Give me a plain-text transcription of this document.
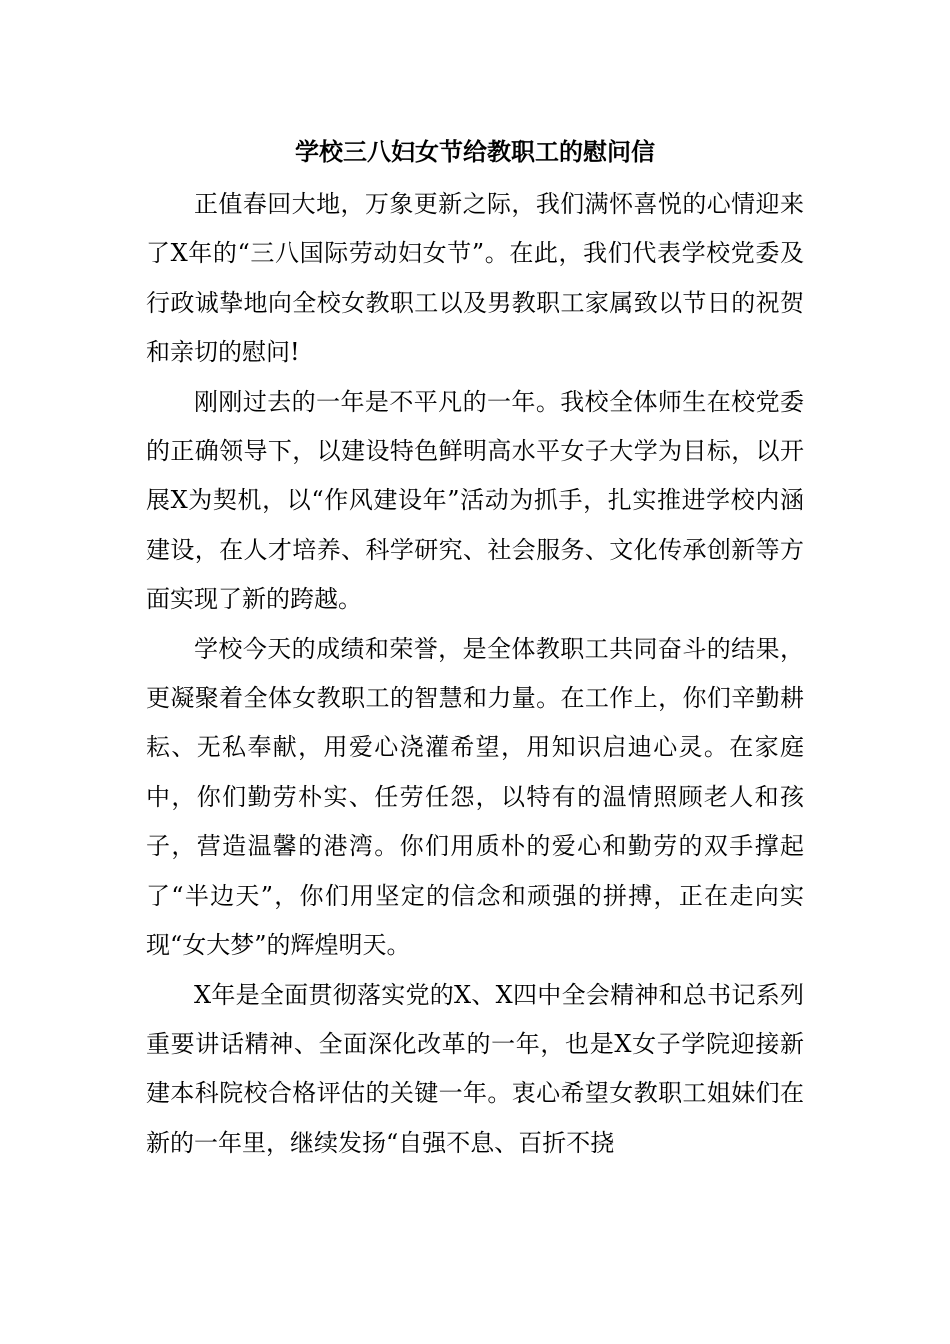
学校三八妇女节给教职工的慰问信

正值春回大地，万象更新之际，我们满怀喜悦的心情迎来了X年的“三八国际劳动妇女节”。在此，我们代表学校党委及行政诚挚地向全校女教职工以及男教职工家属致以节日的祝贺和亲切的慰问!

刚刚过去的一年是不平凡的一年。我校全体师生在校党委的正确领导下，以建设特色鲜明高水平女子大学为目标，以开展X为契机，以“作风建设年”活动为抓手，扎实推进学校内涵建设，在人才培养、科学研究、社会服务、文化传承创新等方面实现了新的跨越。

学校今天的成绩和荣誉，是全体教职工共同奋斗的结果，更凝聚着全体女教职工的智慧和力量。在工作上，你们辛勤耕耘、无私奉献，用爱心浇灌希望，用知识启迪心灵。在家庭中，你们勤劳朴实、任劳任怨，以特有的温情照顾老人和孩子，营造温馨的港湾。你们用质朴的爱心和勤劳的双手撑起了“半边天”，你们用坚定的信念和顽强的拼搏，正在走向实现“女大梦”的辉煌明天。

X年是全面贯彻落实党的X、X四中全会精神和总书记系列重要讲话精神、全面深化改革的一年，也是X女子学院迎接新建本科院校合格评估的关键一年。衷心希望女教职工姐妹们在新的一年里，继续发扬“自强不息、百折不挠
